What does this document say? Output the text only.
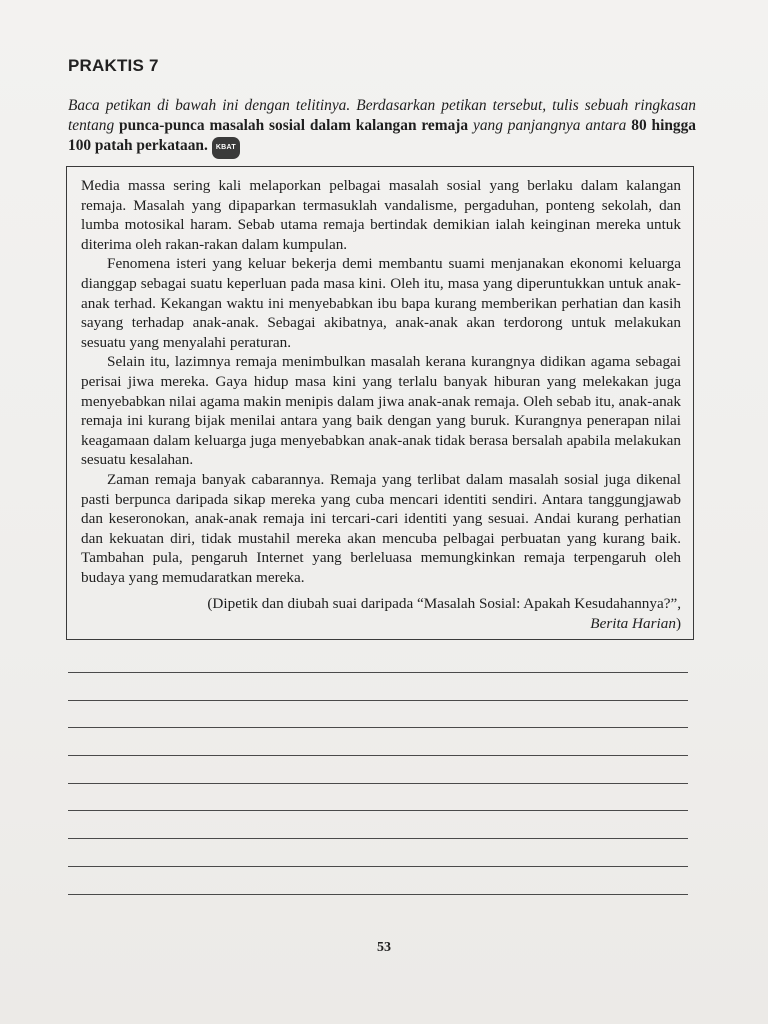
PRAKTIS 7
Baca petikan di bawah ini dengan telitinya. Berdasarkan petikan tersebut, tulis sebuah ringkasan tentang punca-punca masalah sosial dalam kalangan remaja yang panjangnya antara 80 hingga 100 patah perkataan. KBAT

Media massa sering kali melaporkan pelbagai masalah sosial yang berlaku dalam kalangan remaja. Masalah yang dipaparkan termasuklah vandalisme, pergaduhan, ponteng sekolah, dan lumba motosikal haram. Sebab utama remaja bertindak demikian ialah keinginan mereka untuk diterima oleh rakan-rakan dalam kumpulan.

Fenomena isteri yang keluar bekerja demi membantu suami menjanakan ekonomi keluarga dianggap sebagai suatu keperluan pada masa kini. Oleh itu, masa yang diperuntukkan untuk anak-anak terhad. Kekangan waktu ini menyebabkan ibu bapa kurang memberikan perhatian dan kasih sayang terhadap anak-anak. Sebagai akibatnya, anak-anak akan terdorong untuk melakukan sesuatu yang menyalahi peraturan.

Selain itu, lazimnya remaja menimbulkan masalah kerana kurangnya didikan agama sebagai perisai jiwa mereka. Gaya hidup masa kini yang terlalu banyak hiburan yang melekakan juga menyebabkan nilai agama makin menipis dalam jiwa anak-anak remaja. Oleh sebab itu, anak-anak remaja ini kurang bijak menilai antara yang baik dengan yang buruk. Kurangnya penerapan nilai keagamaan dalam keluarga juga menyebabkan anak-anak tidak berasa bersalah apabila melakukan sesuatu kesalahan.

Zaman remaja banyak cabarannya. Remaja yang terlibat dalam masalah sosial juga dikenal pasti berpunca daripada sikap mereka yang cuba mencari identiti sendiri. Antara tanggungjawab dan keseronokan, anak-anak remaja ini tercari-cari identiti yang sesuai. Andai kurang perhatian dan kekuatan diri, tidak mustahil mereka akan mencuba pelbagai perbuatan yang kurang baik. Tambahan pula, pengaruh Internet yang berleluasa memungkinkan remaja terpengaruh oleh budaya yang memudaratkan mereka.

(Dipetik dan diubah suai daripada “Masalah Sosial: Apakah Kesudahannya?”,
Berita Harian)
53
